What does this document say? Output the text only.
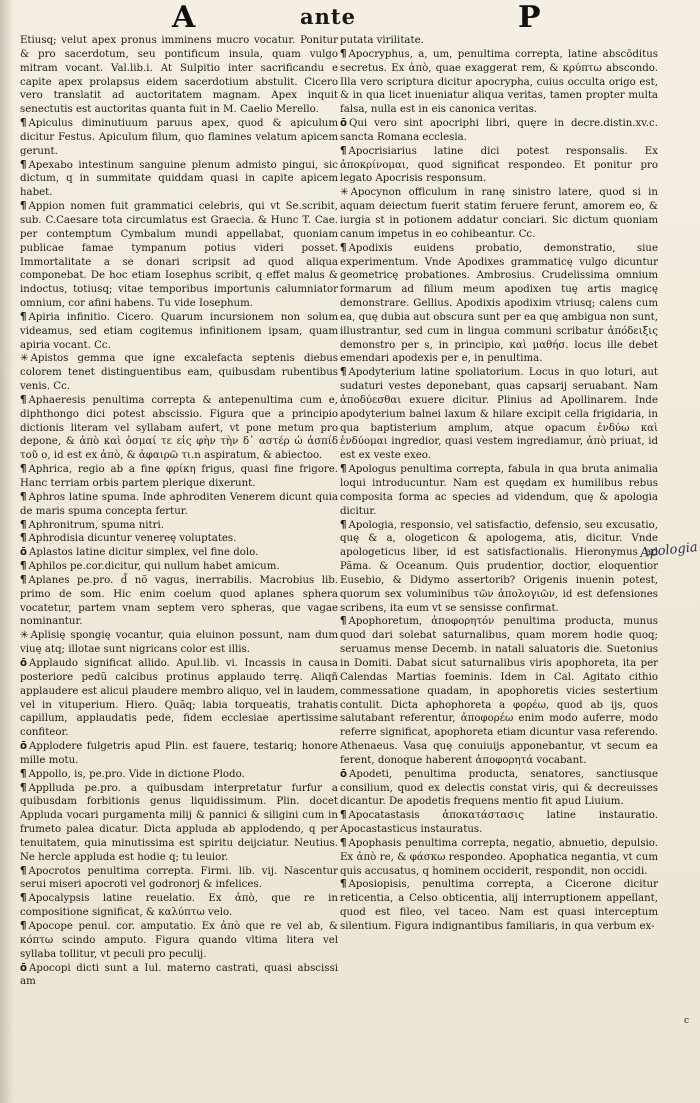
A	ante	P

Etiusq; velut apex pronus imminens mucro vocatur. Ponitur & pro sacerdotum, seu pontificum insula, quam vulgo mitram vocant. Val.lib.i. At Sulpitio inter sacrificandu e capite apex prolapsus eidem sacerdotium abstulit. Cicero vero translatit ad auctoritatem magnam. Apex inquit senectutis est auctoritas quanta fuit in M. Caelio Merello.

¶ Apiculus diminutiuum paruus apex, quod & apiculum dicitur Festus. Apiculum filum, quo flamines velatum apicem gerunt.

¶ Apexabo intestinum sanguine plenum admisto pingui, sic dictum, q in summitate quiddam quasi in capite apicem habet.

¶ Appion nomen fuit grammatici celebris, qui vt Se.scribit, sub. C.Caesare tota circumlatus est Graecia. & Hunc T. Cae. per contemptum Cymbalum mundi appellabat, quoniam publicae famae tympanum potius videri posset. Immortalitate a se donari scripsit ad quod aliqua componebat. De hoc etiam Iosephus scribit, q effet malus & indoctus, totiusq; vitae temporibus importunis calumniator omnium, cor afini habens. Tu vide Iosephum.

¶ Apiria infinitio. Cicero. Quarum incursionem non solum videamus, sed etiam cogitemus infinitionem ipsam, quam apiria vocant. Cc.

✳ Apistos gemma que igne excalefacta septenis diebus colorem tenet distinguentibus eam, quibusdam rubentibus venis. Cc.

¶ Aphaeresis penultima correpta & antepenultima cum e, diphthongo dici potest abscissio. Figura que a principio dictionis literam vel syllabam aufert, vt pone metum pro depone, & ἀπὸ καὶ ὀσμαί τε εἰς φὴν τὴν δ᾽ αστέρ ὠ ἀσπίδ τοῦ ο, id est ex ἀπὸ, & ἀφαιρῶ τι.n aspiratum, & abiectoo.

¶ Aphrica, regio ab a fine φρίκη frigus, quasi fine frigore. Hanc terriam orbis partem plerique dixerunt.

¶ Aphros latine spuma. Inde aphroditen Venerem dicunt quia de maris spuma concepta fertur.

¶ Aphronitrum, spuma nitri.

¶ Aphrodisia dicuntur venereę voluptates.

ō Aplastos latine dicitur simplex, vel fine dolo.

¶ Aphilos pe.cor.dicitur, qui nullum habet amicum.

¶ Aplanes pe.pro. d̃ nõ vagus, inerrabilis. Macrobius lib. primo de som. Hic enim coelum quod aplanes sphera vocatetur, partem vnam septem vero spheras, que vagae nominantur.

✳ Aplisię spongię vocantur, quia eluinon possunt, nam dum viuę atq; illotae sunt nigricans color est illis.

ō Applaudo significat allido. Apul.lib. vi. Incassis in causa posteriore pedũ calcibus protinus applaudo terrę. Aliqñ applaudere est alicui plaudere membro aliquo, vel in laudem, vel in vituperium. Hiero. Quãq; labia torqueatis, trahatis capillum, applaudatis pede, fidem ecclesiae apertissime confiteor.

ō Applodere fulgetris apud Plin. est fauere, testariq; honore mille motu.

¶ Appollo, is, pe.pro. Vide in dictione Plodo.

¶ Applluda pe.pro. a quibusdam interpretatur furfur a quibusdam forbitionis genus liquidissimum. Plin. docet Appluda vocari purgamenta milij & pannici & siligini cum in frumeto palea dicatur. Dicta appluda ab applodendo, q per tenuitatem, quia minutissima est spiritu deijciatur. Neutius. Ne hercle appluda est hodie q; tu leuior.

¶ Apocrotos penultima correpta. Firmi. lib. vij. Nascentur serui miseri apocroti vel godronorj & infelices.

¶ Apocalypsis latine reuelatio. Ex ἀπὸ, que re in compositione significat, & καλύπτω velo.

¶ Apocope penul. cor. amputatio. Ex ἀπὸ que re vel ab, & κόπτω scindo amputo. Figura quando vltima litera vel syllaba tollitur, vt peculi pro peculij.

ō Apocopi dicti sunt a Iul. materno castrati, quasi abscissi am

putata virilitate.

¶ Apocryphus, a, um, penultima correpta, latine abscōditus secretus. Ex ἀπὸ, quae exaggerat rem, & κρύπτω abscondo. Illa vero scriptura dicitur apocrypha, cuius occulta origo est, & in qua licet inueniatur aliqua veritas, tamen propter multa falsa, nulla est in eis canonica veritas.

ō Qui vero sint apocriphi libri, quęre in decre.distin.xv.c. sancta Romana ecclesia.

¶ Apocrisiarius latine dici potest responsalis. Ex ἀποκρίνομαι, quod significat respondeo. Et ponitur pro legato Apocrisis responsum.

✳ Apocynon officulum in ranę sinistro latere, quod si in aquam deiectum fuerit statim feruere ferunt, amorem eo, & iurgia st in potionem addatur conciari. Sic dictum quoniam canum impetus in eo cohibeantur. Cc.

¶ Apodixis euidens probatio, demonstratio, siue experimentum. Vnde Apodixes grammaticę vulgo dicuntur geometricę probationes. Ambrosius. Crudelissima omnium formarum ad filium meum apodixen tuę artis magicę demonstrare. Gellius. Apodixis apodixim vtriusq; calens cum ea, quę dubia aut obscura sunt per ea quę ambigua non sunt, illustrantur, sed cum in lingua communi scribatur ἀπόδειξις demonstro per s, in principio, καὶ μαθήσ. locus ille debet emendari apodexis per e, in penultima.

¶ Apodyterium latine spoliatorium. Locus in quo loturi, aut sudaturi vestes deponebant, quas capsarij seruabant. Nam ἀποδύεσθαι exuere dicitur. Plinius ad Apollinarem. Inde apodyterium balnei laxum & hilare excipit cella frigidaria, in qua baptisterium amplum, atque opacum ἐνδύω καὶ ἐνδύομαι ingredior, quasi vestem ingrediamur, ἀπὸ priuat, id est ex veste exeo.

¶ Apologus penultima correpta, fabula in qua bruta animalia loqui introducuntur. Nam est quędam ex humilibus rebus composita forma ac species ad videndum, quę & apologia dicitur.

¶ Apologia, responsio, vel satisfactio, defensio, seu excusatio, quę & a, ologeticon & apologema, atis, dicitur. Vnde apologeticus liber, id est satisfactionalis. Hieronymus ad Pãma. & Oceanum. Quis prudentior, doctior, eloquentior Eusebio, & Didymo assertorib? Origenis inuenin potest, quorum sex voluminibus τῶν ἀπολογιῶν, id est defensiones scribens, ita eum vt se sensisse confirmat.

¶ Apophoretum, ἀποφορητόν penultima producta, munus quod dari solebat saturnalibus, quam morem hodie quoq; seruamus mense Decemb. in natali saluatoris die. Suetonius in Domiti. Dabat sicut saturnalibus viris apophoreta, ita per Calendas Martias foeminis. Idem in Cal. Agitato cithio commessatione quadam, in apophoretis vicies sestertium contulit. Dicta aphophoreta a φορέω, quod ab ijs, quos salutabant referentur, ἀποφορέω enim modo auferre, modo referre significat, apophoreta etiam dicuntur vasa referendo. Athenaeus. Vasa quę conuiuijs apponebantur, vt secum ea ferent, donoque haberent ἀποφορητά vocabant.

ō Apodeti, penultima producta, senatores, sanctiusque consilium, quod ex delectis constat viris, qui & decreuisses dicantur. De apodetis frequens mentio fit apud Liuium.

¶ Apocatastasis ἀποκατάστασις latine instauratio. Apocastasticus instauratus.

¶ Apophasis penultima correpta, negatio, abnuetio, depulsio. Ex ἀπὸ re, & φάσκω respondeo. Apophatica negantia, vt cum quis accusatus, q hominem occiderit, respondit, non occidi.

¶ Aposiopisis, penultima correpta, a Cicerone dicitur reticentia, a Celso obticentia, alij interruptionem appellant, quod est fileo, vel taceo. Nam est quasi interceptum silentium. Figura indignantibus familiaris, in qua verbum ex-

Apologia
c
